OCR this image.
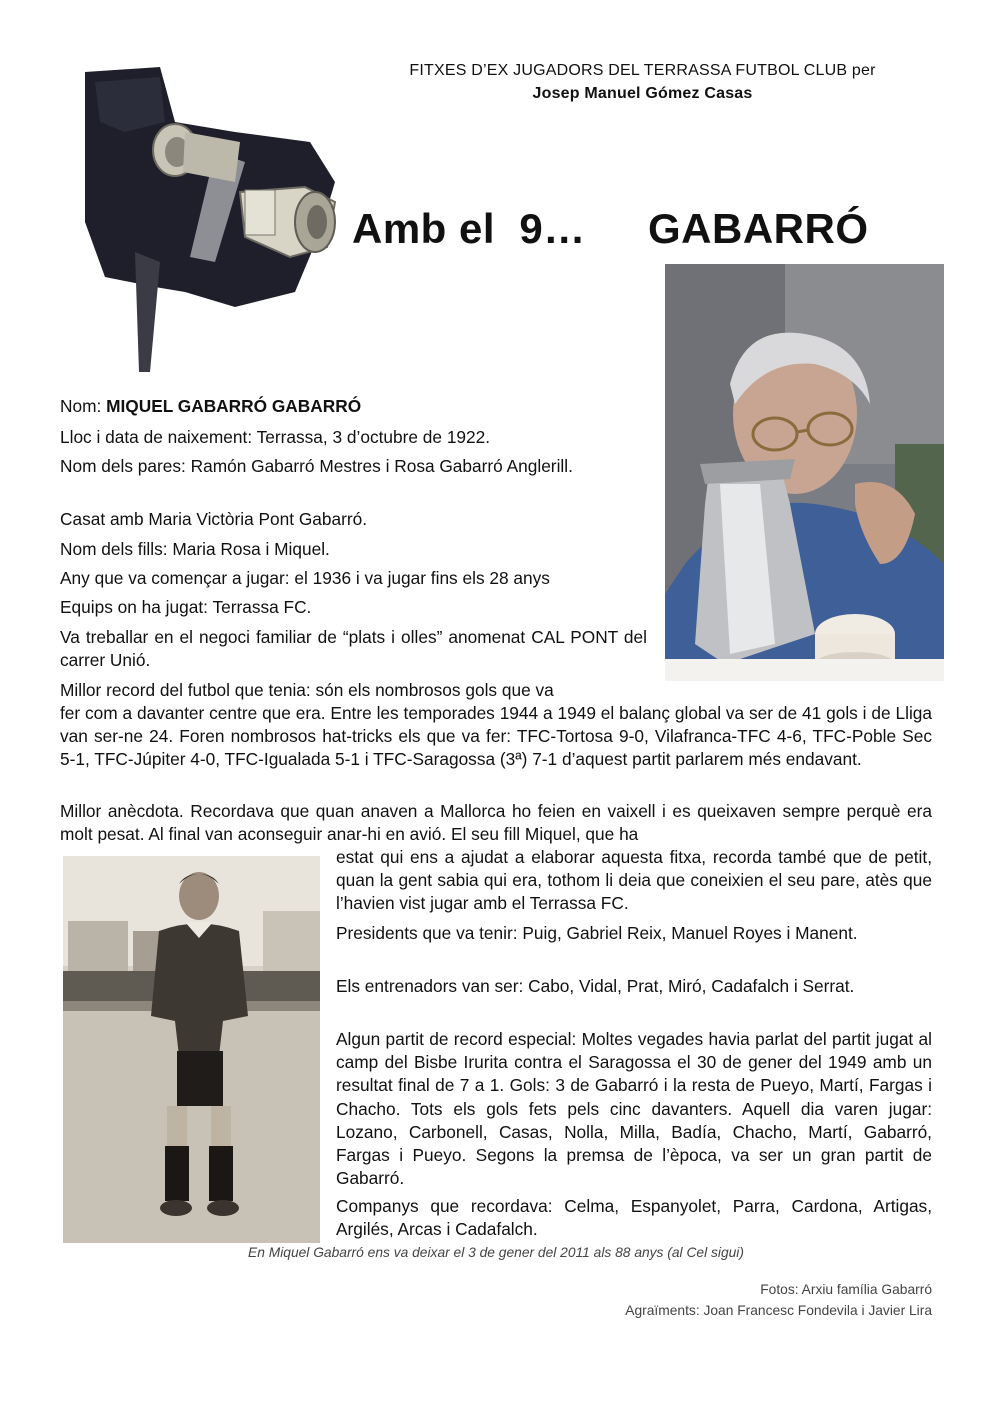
FITXES D’EX JUGADORS DEL TERRASSA FUTBOL CLUB per
Josep Manuel Gómez Casas
Amb el  9… GABARRÓ
Nom: MIQUEL GABARRÓ GABARRÓ
Lloc i data de naixement: Terrassa, 3 d’octubre de 1922.
Nom dels pares: Ramón Gabarró Mestres i Rosa Gabarró Anglerill.
Casat amb Maria Victòria Pont Gabarró.
Nom dels fills: Maria Rosa i Miquel.
Any que va començar a jugar: el 1936 i va jugar fins els 28 anys
Equips on ha jugat: Terrassa FC.
Va treballar en el negoci familiar de “plats i olles” anomenat CAL PONT del carrer Unió.
Millor record del futbol que tenia: són els nombrosos gols que va
fer com a davanter centre que era. Entre les temporades 1944 a 1949 el balanç global va ser de 41 gols i de Lliga van ser-ne 24. Foren nombrosos hat-tricks els que va fer: TFC-Tortosa 9-0, Vilafranca-TFC 4-6, TFC-Poble Sec 5-1, TFC-Júpiter 4-0, TFC-Igualada 5-1 i TFC-Saragossa (3ª) 7-1 d’aquest partit parlarem més endavant.
Millor anècdota. Recordava que quan anaven a Mallorca ho feien en vaixell i es queixaven sempre perquè era molt pesat. Al final van aconseguir anar-hi en avió. El seu fill Miquel, que ha
estat qui ens a ajudat a elaborar aquesta fitxa, recorda també que de petit, quan la gent sabia qui era, tothom li deia que coneixien el seu pare, atès que l’havien vist jugar amb el Terrassa FC.
Presidents que va tenir: Puig, Gabriel Reix, Manuel Royes i Manent.
Els entrenadors van ser: Cabo, Vidal, Prat, Miró, Cadafalch i Serrat.
Algun partit de record especial: Moltes vegades havia parlat del partit jugat al camp del Bisbe Irurita contra el Saragossa el 30 de gener del 1949 amb un resultat final de 7 a 1. Gols: 3 de Gabarró i la resta de Pueyo, Martí, Fargas i Chacho. Tots els gols fets pels cinc davanters. Aquell dia varen jugar: Lozano, Carbonell, Casas, Nolla, Milla, Badía, Chacho, Martí, Gabarró, Fargas i Pueyo. Segons la premsa de l’època, va ser un gran partit de Gabarró.
Companys que recordava: Celma, Espanyolet, Parra, Cardona, Artigas, Argilés, Arcas i Cadafalch.
En Miquel Gabarró ens va deixar el 3 de gener del 2011 als 88 anys (al Cel sigui)
Fotos: Arxiu família Gabarró
Agraïments: Joan Francesc Fondevila i Javier Lira
